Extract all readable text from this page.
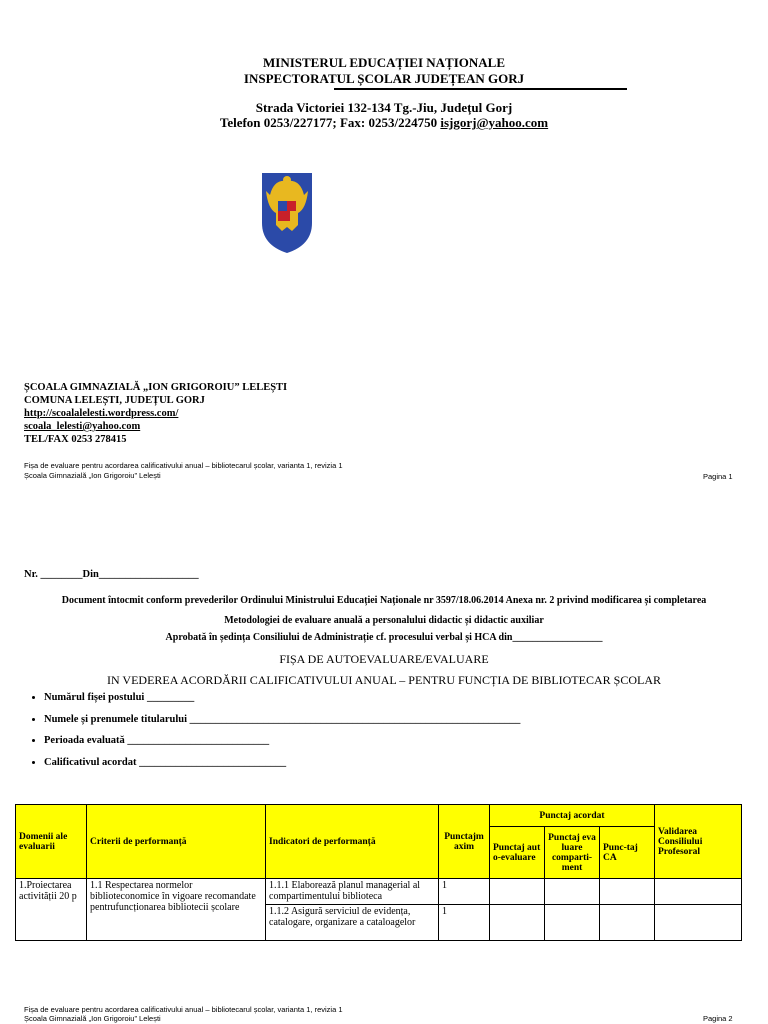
MINISTERUL EDUCAȚIEI NAȚIONALE
INSPECTORATUL ȘCOLAR JUDEȚEAN GORJ
Strada Victoriei 132-134 Tg.-Jiu, Județul Gorj
Telefon 0253/227177; Fax: 0253/224750 isjgorj@yahoo.com
ȘCOALA GIMNAZIALĂ „ION GRIGOROIU” LELEȘTI
COMUNA LELEȘTI, JUDEȚUL GORJ
http://scoalalelesti.wordpress.com/
scoala_lelesti@yahoo.com
TEL/FAX 0253 278415
Fișa de evaluare pentru acordarea calificativului anual – bibliotecarul școlar, varianta 1, revizia 1
Școala Gimnazială „Ion Grigoroiu” Lelești	Pagina 1
Nr. ________Din___________________
Document întocmit conform prevederilor Ordinului Ministrului Educației Naționale nr 3597/18.06.2014 Anexa nr. 2 privind modificarea și completarea
Metodologiei de evaluare anuală a personalului didactic și didactic auxiliar
Aprobată în ședința Consiliului de Administrație cf. procesului verbal și HCA din__________________
FIȘA DE AUTOEVALUARE/EVALUARE
IN VEDEREA ACORDĂRII CALIFICATIVULUI ANUAL – PENTRU FUNCȚIA DE BIBLIOTECAR ȘCOLAR
• Numărul fișei postului _________
• Numele și prenumele titularului _______________________________________________________________
• Perioada evaluată ___________________________
• Calificativul acordat ____________________________
Domenii ale evaluarii	Criterii de performanță	Indicatori de performanță	Punctajm axim	Punctaj acordat			Validarea Consiliului Profesoral
				Punctaj aut o-evaluare	Punctaj eva luare comparti- ment	Punc-taj CA	
1.Proiectarea activității 20 p	1.1 Respectarea normelor biblioteconomice în vigoare recomandate pentrufuncționarea bibliotecii școlare	1.1.1 Elaborează planul managerial al compartimentului biblioteca	1				
		1.1.2 Asigură serviciul de evidența, catalogare, organizare a cataloagelor	1				
Fișa de evaluare pentru acordarea calificativului anual – bibliotecarul școlar, varianta 1, revizia 1
Școala Gimnazială „Ion Grigoroiu” Lelești	Pagina 2
